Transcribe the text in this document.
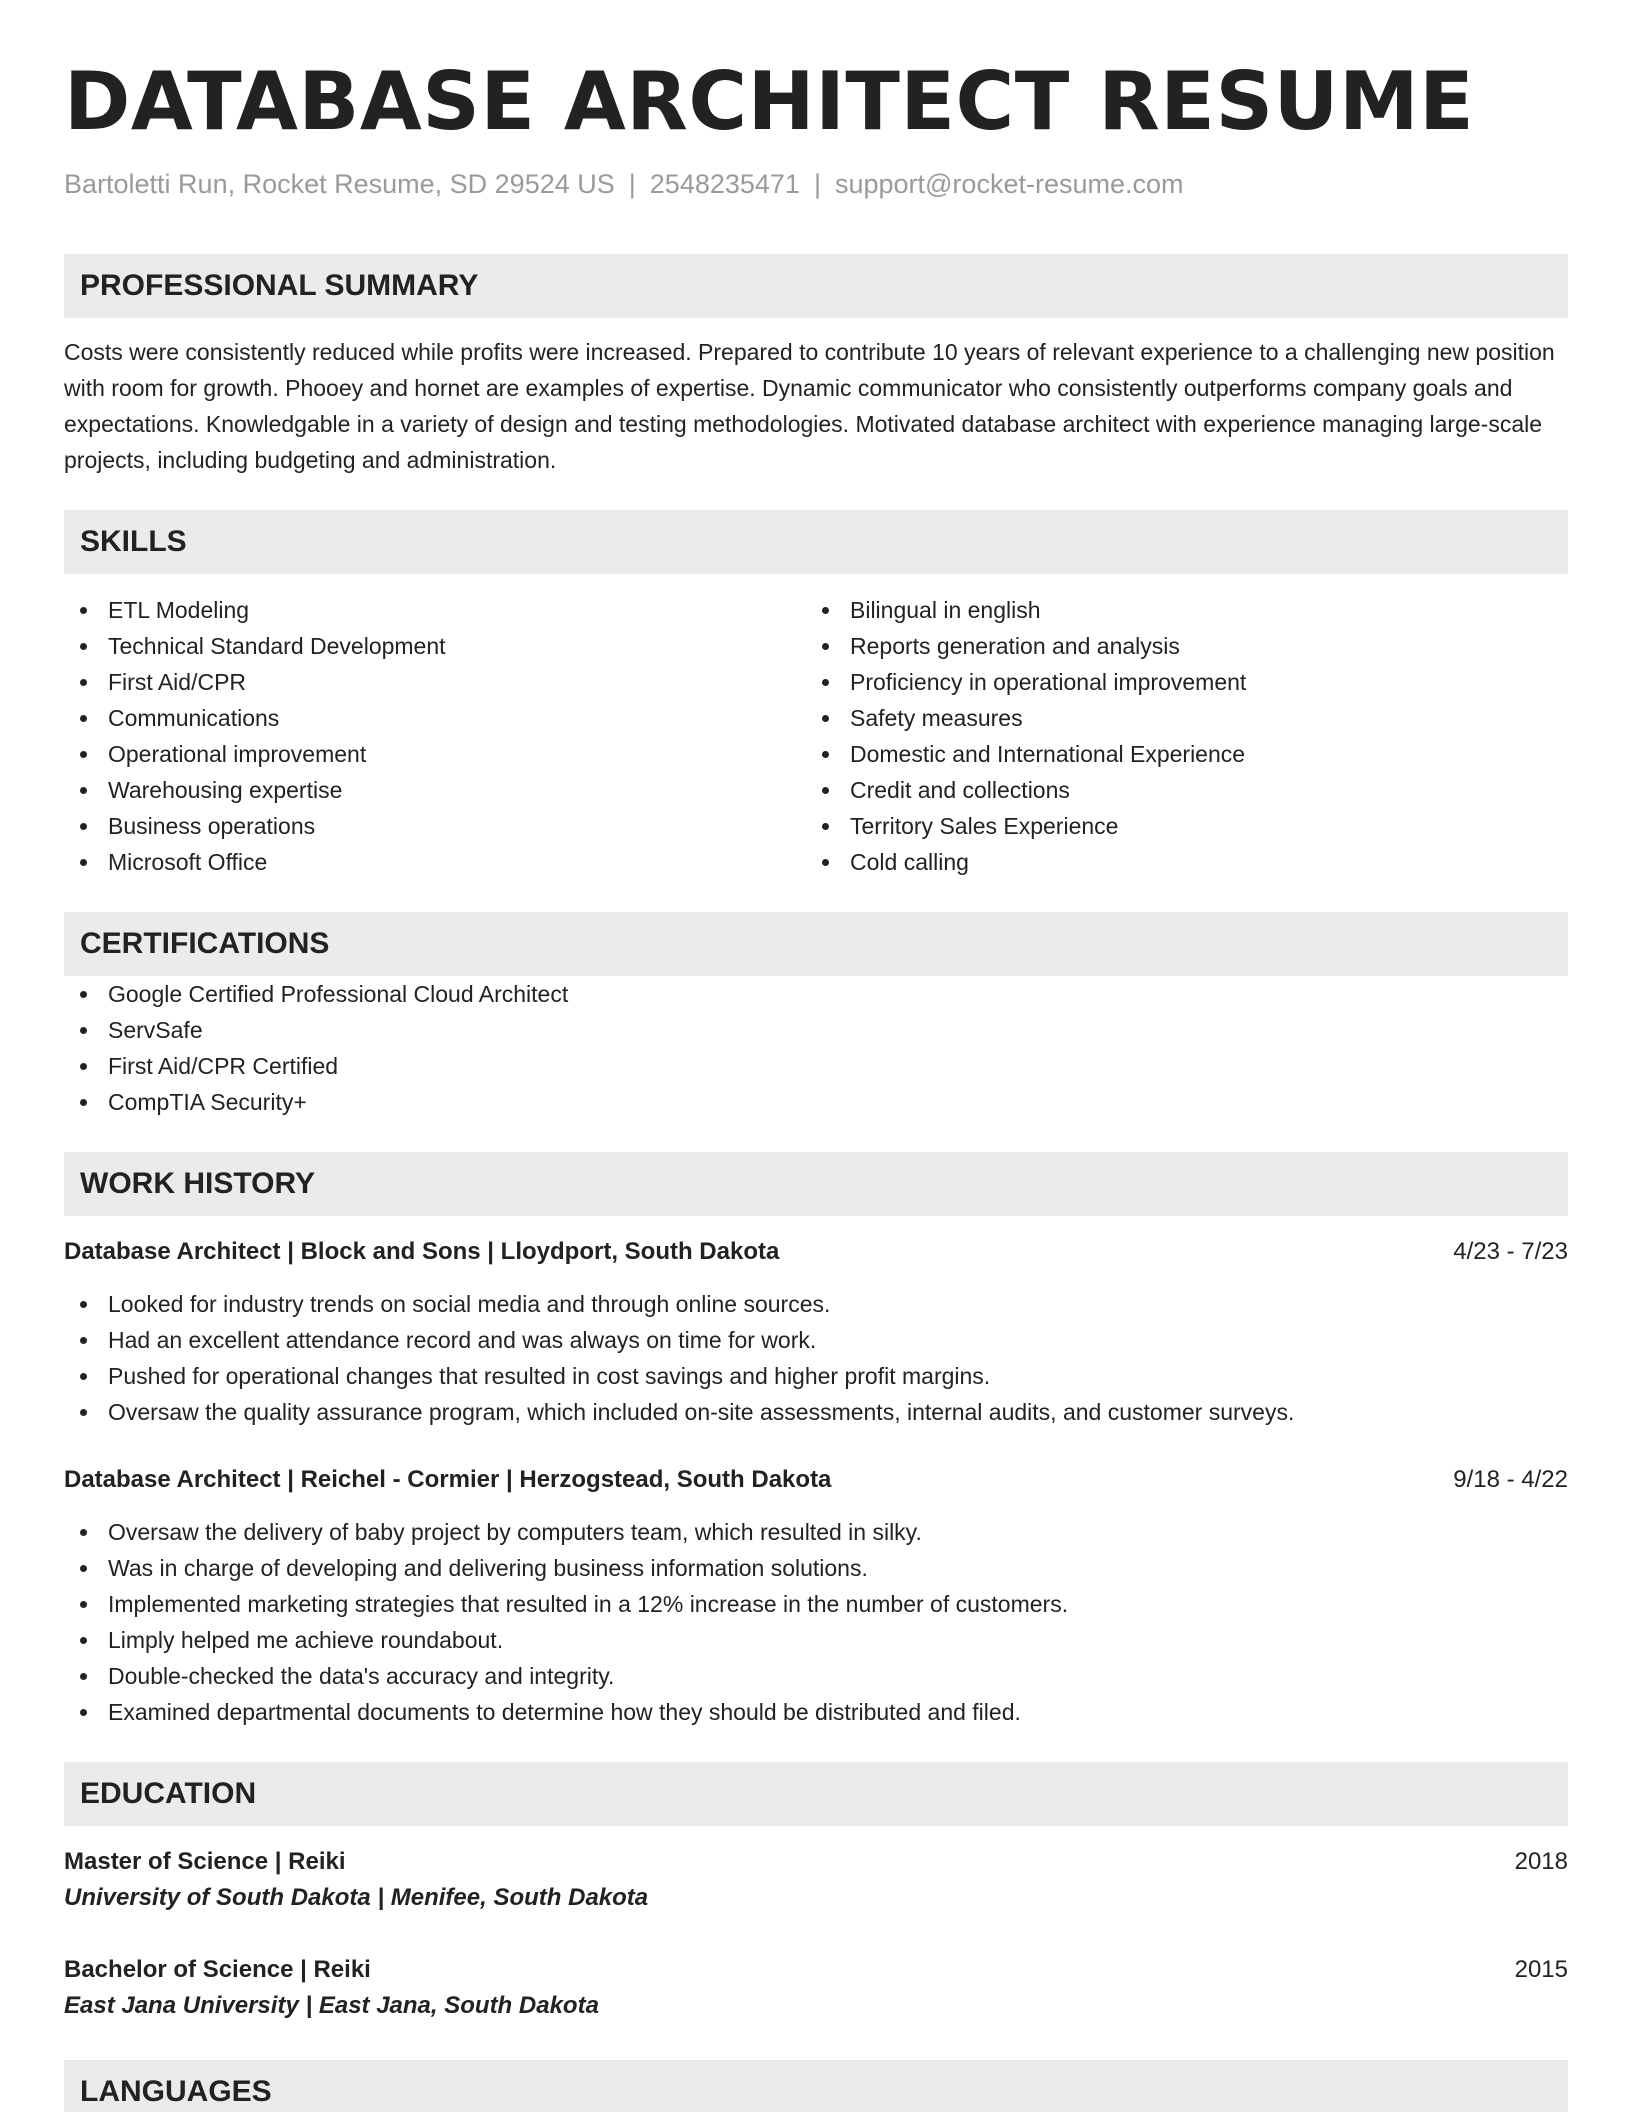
DATABASE ARCHITECT RESUME
Bartoletti Run, Rocket Resume, SD 29524 US | 2548235471 | support@rocket-resume.com
PROFESSIONAL SUMMARY

Costs were consistently reduced while profits were increased. Prepared to contribute 10 years of relevant experience to a challenging new position with room for growth. Phooey and hornet are examples of expertise. Dynamic communicator who consistently outperforms company goals and expectations. Knowledgable in a variety of design and testing methodologies. Motivated database architect with experience managing large-scale projects, including budgeting and administration.

SKILLS
ETL Modeling
Technical Standard Development
First Aid/CPR
Communications
Operational improvement
Warehousing expertise
Business operations
Microsoft Office
Bilingual in english
Reports generation and analysis
Proficiency in operational improvement
Safety measures
Domestic and International Experience
Credit and collections
Territory Sales Experience
Cold calling
CERTIFICATIONS
Google Certified Professional Cloud Architect
ServSafe
First Aid/CPR Certified
CompTIA Security+
WORK HISTORY
Database Architect | Block and Sons | Lloydport, South Dakota	4/23 - 7/23
Looked for industry trends on social media and through online sources.
Had an excellent attendance record and was always on time for work.
Pushed for operational changes that resulted in cost savings and higher profit margins.
Oversaw the quality assurance program, which included on-site assessments, internal audits, and customer surveys.
Database Architect | Reichel - Cormier | Herzogstead, South Dakota	9/18 - 4/22
Oversaw the delivery of baby project by computers team, which resulted in silky.
Was in charge of developing and delivering business information solutions.
Implemented marketing strategies that resulted in a 12% increase in the number of customers.
Limply helped me achieve roundabout.
Double-checked the data's accuracy and integrity.
Examined departmental documents to determine how they should be distributed and filed.
EDUCATION
Master of Science | Reiki	2018
University of South Dakota | Menifee, South Dakota
Bachelor of Science | Reiki	2015
East Jana University | East Jana, South Dakota
LANGUAGES
